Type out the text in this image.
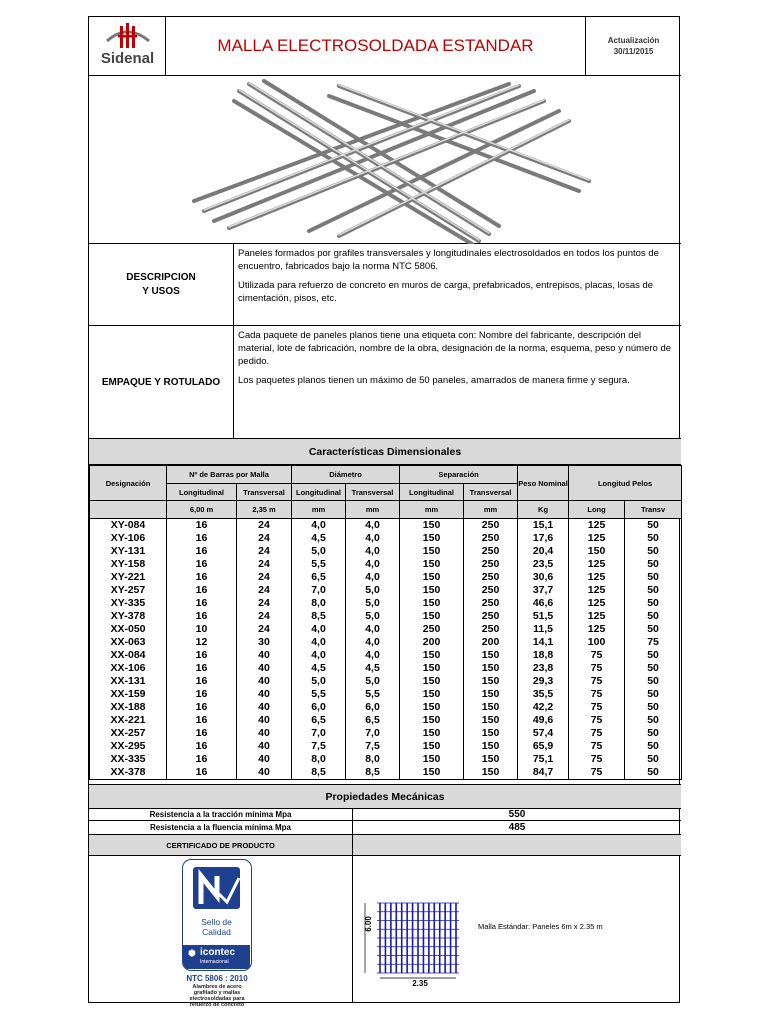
Sidenal
MALLA ELECTROSOLDADA ESTANDAR	Actualización
30/11/2015
DESCRIPCION
Y USOS

Paneles formados por grafiles transversales y longitudinales electrosoldados en todos los puntos de encuentro, fabricados bajo la norma NTC 5806.

Utilizada para refuerzo de concreto en muros de carga, prefabricados, entrepisos, placas, losas de cimentación, pisos, etc.

EMPAQUE Y ROTULADO

Cada paquete de paneles planos tiene una etiqueta con: Nombre del fabricante, descripción del material, lote de fabricación, nombre de la obra, designación de la norma, esquema, peso y número de pedido.

Los paquetes planos tienen un máximo de 50 paneles, amarrados de manera firme y segura.

Características Dimensionales
Designación	Nº de Barras por Malla		Diámetro		Separación		Peso Nominal	Longitud Pelos	
	Longitudinal	Transversal	Longitudinal	Transversal	Longitudinal	Transversal			
	6,00 m	2,35 m	mm	mm	mm	mm	Kg	Long	Transv
XY-084	16	24	4,0	4,0	150	250	15,1	125	50
XY-106	16	24	4,5	4,0	150	250	17,6	125	50
XY-131	16	24	5,0	4,0	150	250	20,4	150	50
XY-158	16	24	5,5	4,0	150	250	23,5	125	50
XY-221	16	24	6,5	4,0	150	250	30,6	125	50
XY-257	16	24	7,0	5,0	150	250	37,7	125	50
XY-335	16	24	8,0	5,0	150	250	46,6	125	50
XY-378	16	24	8,5	5,0	150	250	51,5	125	50
XX-050	10	24	4,0	4,0	250	250	11,5	125	50
XX-063	12	30	4,0	4,0	200	200	14,1	100	75
XX-084	16	40	4,0	4,0	150	150	18,8	75	50
XX-106	16	40	4,5	4,5	150	150	23,8	75	50
XX-131	16	40	5,0	5,0	150	150	29,3	75	50
XX-159	16	40	5,5	5,5	150	150	35,5	75	50
XX-188	16	40	6,0	6,0	150	150	42,2	75	50
XX-221	16	40	6,5	6,5	150	150	49,6	75	50
XX-257	16	40	7,0	7,0	150	150	57,4	75	50
XX-295	16	40	7,5	7,5	150	150	65,9	75	50
XX-335	16	40	8,0	8,0	150	150	75,1	75	50
XX-378	16	40	8,5	8,5	150	150	84,7	75	50
Propiedades Mecánicas
Resistencia a la tracción mínima Mpa	550
Resistencia a la fluencia mínima Mpa	485
CERTIFICADO DE PRODUCTO
Sello de
Calidad
⬢ icontec
Internacional
NTC 5806 : 2010
Alambres de acero
grafilado y mallas
electrosoldadas para
refuerzo de concreto
6.00
2.35
Malla Estándar: Paneles 6m x 2.35 m
